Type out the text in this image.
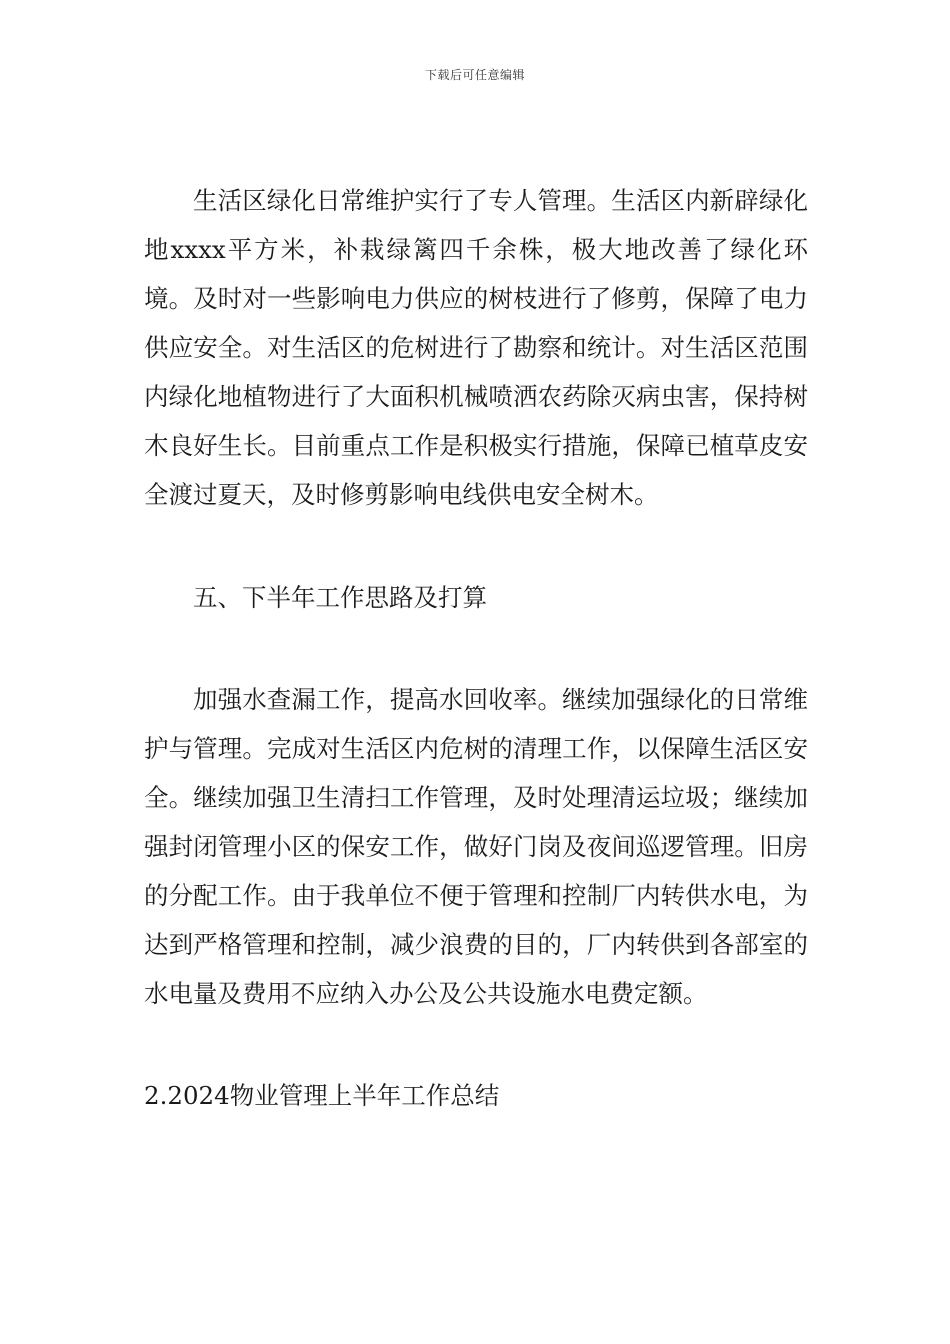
下载后可任意编辑

生活区绿化日常维护实行了专人管理。生活区内新辟绿化地xxxx平方米，补栽绿篱四千余株，极大地改善了绿化环境。及时对一些影响电力供应的树枝进行了修剪，保障了电力供应安全。对生活区的危树进行了勘察和统计。对生活区范围内绿化地植物进行了大面积机械喷洒农药除灭病虫害，保持树木良好生长。目前重点工作是积极实行措施，保障已植草皮安全渡过夏天，及时修剪影响电线供电安全树木。

五、下半年工作思路及打算

加强水查漏工作，提高水回收率。继续加强绿化的日常维护与管理。完成对生活区内危树的清理工作，以保障生活区安全。继续加强卫生清扫工作管理，及时处理清运垃圾；继续加强封闭管理小区的保安工作，做好门岗及夜间巡逻管理。旧房的分配工作。由于我单位不便于管理和控制厂内转供水电，为达到严格管理和控制，减少浪费的目的，厂内转供到各部室的水电量及费用不应纳入办公及公共设施水电费定额。

2.2024物业管理上半年工作总结
